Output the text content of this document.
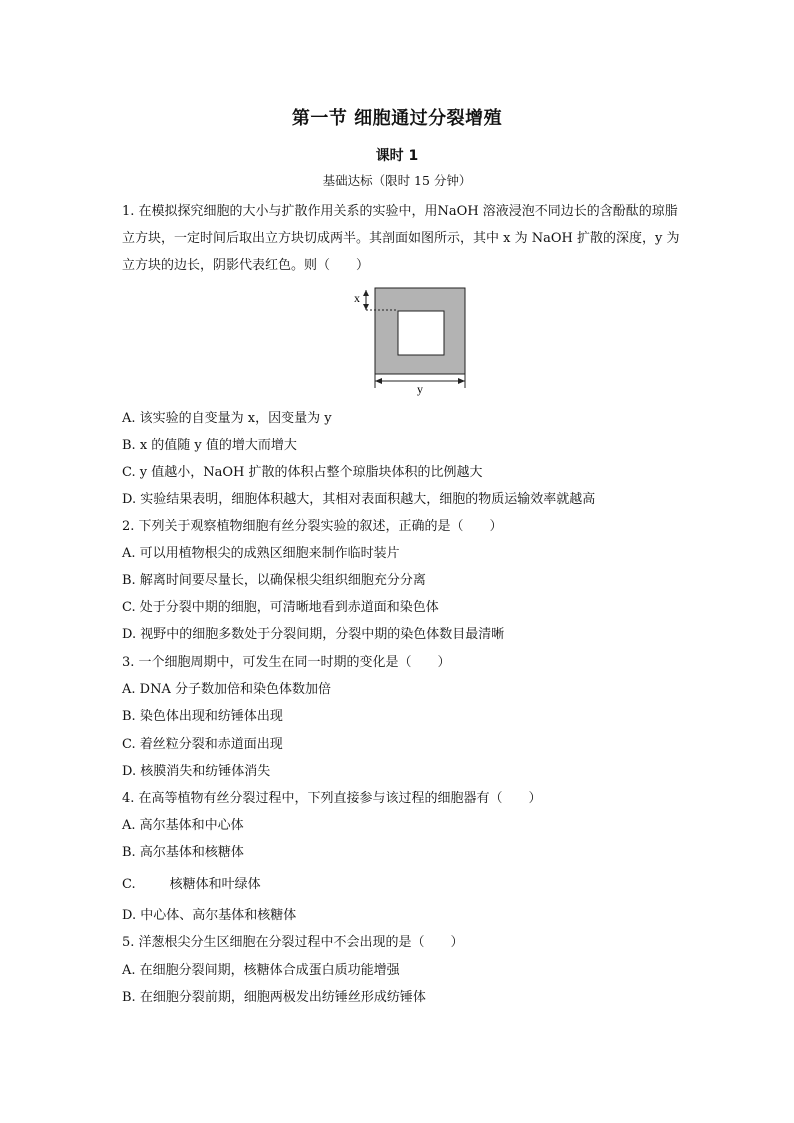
第一节 细胞通过分裂增殖
课时 1
基础达标（限时 15 分钟）

1. 在模拟探究细胞的大小与扩散作用关系的实验中，用NaOH 溶液浸泡不同边长的含酚酞的琼脂立方块，一定时间后取出立方块切成两半。其剖面如图所示，其中 x 为 NaOH 扩散的深度，y 为立方块的边长，阴影代表红色。则（　　）

x
y
A. 该实验的自变量为 x，因变量为 y
B. x 的值随 y 值的增大而增大
C. y 值越小，NaOH 扩散的体积占整个琼脂块体积的比例越大
D. 实验结果表明，细胞体积越大，其相对表面积越大，细胞的物质运输效率就越高
2. 下列关于观察植物细胞有丝分裂实验的叙述，正确的是（　　）
A. 可以用植物根尖的成熟区细胞来制作临时装片
B. 解离时间要尽量长，以确保根尖组织细胞充分分离
C. 处于分裂中期的细胞，可清晰地看到赤道面和染色体
D. 视野中的细胞多数处于分裂间期，分裂中期的染色体数目最清晰
3. 一个细胞周期中，可发生在同一时期的变化是（　　）
A. DNA 分子数加倍和染色体数加倍
B. 染色体出现和纺锤体出现
C. 着丝粒分裂和赤道面出现
D. 核膜消失和纺锤体消失
4. 在高等植物有丝分裂过程中，下列直接参与该过程的细胞器有（　　）
A. 高尔基体和中心体
B. 高尔基体和核糖体
C.	核糖体和叶绿体
D. 中心体、高尔基体和核糖体
5. 洋葱根尖分生区细胞在分裂过程中不会出现的是（　　）
A. 在细胞分裂间期，核糖体合成蛋白质功能增强
B. 在细胞分裂前期，细胞两极发出纺锤丝形成纺锤体
